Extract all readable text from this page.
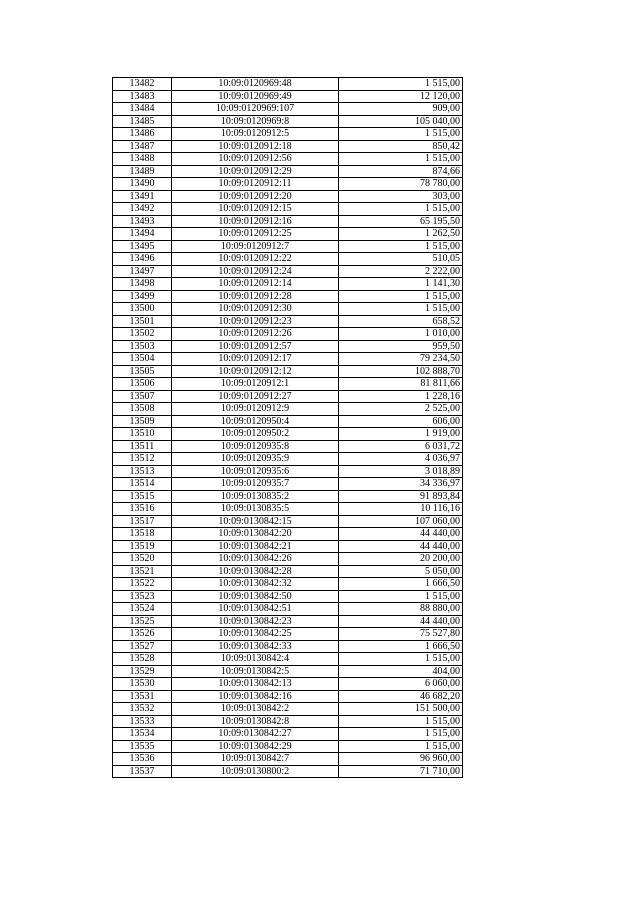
13482	10:09:0120969:48	1 515,00
13483	10:09:0120969:49	12 120,00
13484	10:09:0120969:107	909,00
13485	10:09:0120969:8	105 040,00
13486	10:09:0120912:5	1 515,00
13487	10:09:0120912:18	850,42
13488	10:09:0120912:56	1 515,00
13489	10:09:0120912:29	874,66
13490	10:09:0120912:11	78 780,00
13491	10:09:0120912:20	303,00
13492	10:09:0120912:15	1 515,00
13493	10:09:0120912:16	65 195,50
13494	10:09:0120912:25	1 262,50
13495	10:09:0120912:7	1 515,00
13496	10:09:0120912:22	510,05
13497	10:09:0120912:24	2 222,00
13498	10:09:0120912:14	1 141,30
13499	10:09:0120912:28	1 515,00
13500	10:09:0120912:30	1 515,00
13501	10:09:0120912:23	658,52
13502	10:09:0120912:26	1 010,00
13503	10:09:0120912:57	959,50
13504	10:09:0120912:17	79 234,50
13505	10:09:0120912:12	102 888,70
13506	10:09:0120912:1	81 811,66
13507	10:09:0120912:27	1 228,16
13508	10:09:0120912:9	2 525,00
13509	10:09:0120950:4	606,00
13510	10:09:0120950:2	1 919,00
13511	10:09:0120935:8	6 031,72
13512	10:09:0120935:9	4 036,97
13513	10:09:0120935:6	3 018,89
13514	10:09:0120935:7	34 336,97
13515	10:09:0130835:2	91 893,84
13516	10:09:0130835:5	10 116,16
13517	10:09:0130842:15	107 060,00
13518	10:09:0130842:20	44 440,00
13519	10:09:0130842:21	44 440,00
13520	10:09:0130842:26	20 200,00
13521	10:09:0130842:28	5 050,00
13522	10:09:0130842:32	1 666,50
13523	10:09:0130842:50	1 515,00
13524	10:09:0130842:51	88 880,00
13525	10:09:0130842:23	44 440,00
13526	10:09:0130842:25	75 527,80
13527	10:09:0130842:33	1 666,50
13528	10:09:0130842:4	1 515,00
13529	10:09:0130842:5	404,00
13530	10:09:0130842:13	6 060,00
13531	10:09:0130842:16	46 682,20
13532	10:09:0130842:2	151 500,00
13533	10:09:0130842:8	1 515,00
13534	10:09:0130842:27	1 515,00
13535	10:09:0130842:29	1 515,00
13536	10:09:0130842:7	96 960,00
13537	10:09:0130800:2	71 710,00
